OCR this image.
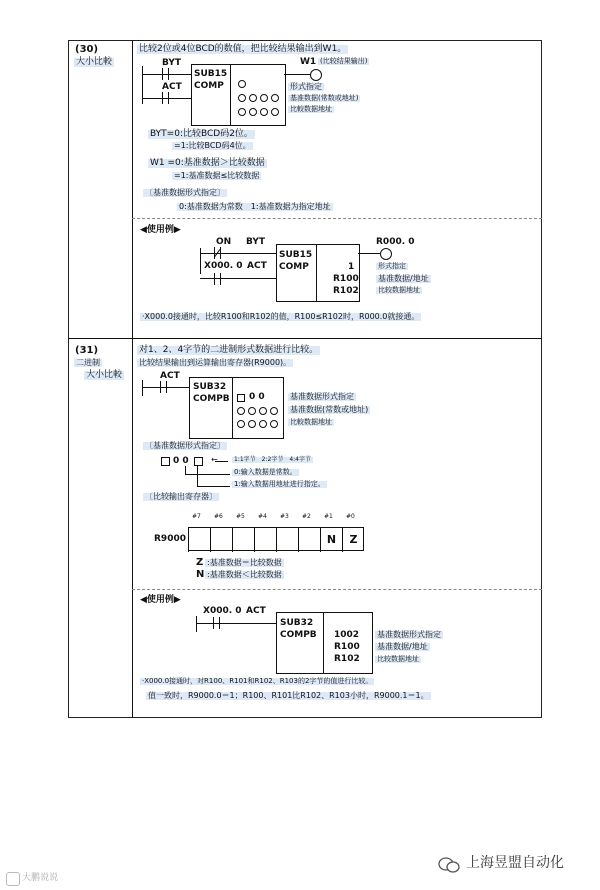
(30)
大小比較
比较2位或4位BCD的数值，把比较结果输出到W1。
BYT
ACT
SUB15
COMP
W1 (比较结果输出)
形式指定
基准数据(常数或地址)
比較数据地址
BYT=0:比较BCD码2位。
=1:比较BCD码4位。
W1 =0:基准数据＞比较数据
=1:基准数据≤比较数据
〔基准数据形式指定〕
0:基准数据为常数　1:基准数据为指定地址
◀使用例▶
ON BYT
X000. 0 ACT
SUB15
COMP	1
R100
R102
R000. 0
形式指定
基准数据/地址
比较数据地址
·X000.0接通时，比较R100和R102的值，R100≤R102时，R000.0就接通。
(31)
二进制
大小比較
对1、2、4字节的二进制形式数据进行比较。
比较结果输出到运算输出寄存器(R9000)。
ACT
SUB32
COMPB 0 0	基准数据形式指定
基准数据(常数或地址)
比較数据地址
〔基准数据形式指定〕
0 0	←	1:1字节　2:2字节　4:4字节
0:输入数据是常数。
1:输入数据用地址进行指定。
〔比较输出寄存器〕
#7 #6 #5 #4 #3 #2 #1 #0
R9000	N	Z
Z :基准数据＝比较数据
N :基准数据＜比较数据
◀使用例▶
X000. 0 ACT
SUB32
COMPB 1002
R100
R102
基准数据形式指定
基准数据/地址
比较数据地址
·X000.0接通时，对R100、R101和R102、R103的2字节的值进行比较。
值一致时，R9000.0＝1；R100、R101比R102、R103小时，R9000.1＝1。
大鹏说说
上海昱盟自动化
